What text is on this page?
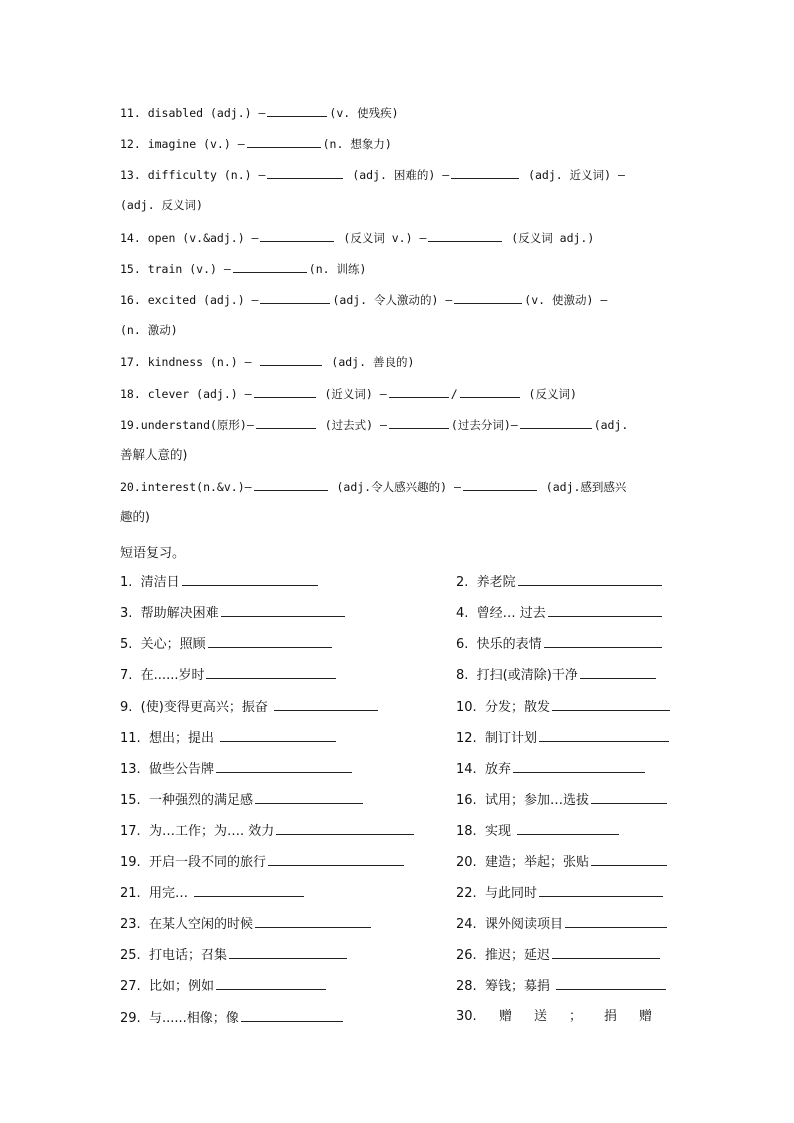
11. disabled (adj.) —	(v. 使残疾)
12. imagine (v.) —	(n. 想象力)
13. difficulty (n.) —	(adj. 困难的) —	(adj. 近义词) —
(adj. 反义词)
14. open (v.&adj.) —	(反义词 v.) —	(反义词 adj.)
15. train (v.) —	(n. 训练)
16. excited (adj.) —	(adj. 令人激动的) —	(v. 使激动) —
(n. 激动)
17. kindness (n.) —	(adj. 善良的)
18. clever (adj.) —	(近义词) —	/	(反义词)
19.understand(原形)—	(过去式) —	(过去分词)—	(adj.
善解人意的)
20.interest(n.&v.)—	(adj.令人感兴趣的) —	(adj.感到感兴
趣的)
短语复习。
1. 清洁日	2. 养老院
3. 帮助解决困难	4. 曾经… 过去
5. 关心；照顾	6. 快乐的表情
7. 在......岁时	8. 打扫(或清除)干净
9. (使)变得更高兴；振奋	10. 分发；散发
11. 想出；提出	12. 制订计划
13. 做些公告牌	14. 放弃
15. 一种强烈的满足感	16. 试用；参加…选拔
17. 为…工作；为…. 效力	18. 实现
19. 开启一段不同的旅行	20. 建造；举起；张贴
21. 用完…	22. 与此同时
23. 在某人空闲的时候	24. 课外阅读项目
25. 打电话；召集	26. 推迟；延迟
27. 比如；例如	28. 筹钱；募捐
29. 与......相像；像	30. 赠送；捐赠
